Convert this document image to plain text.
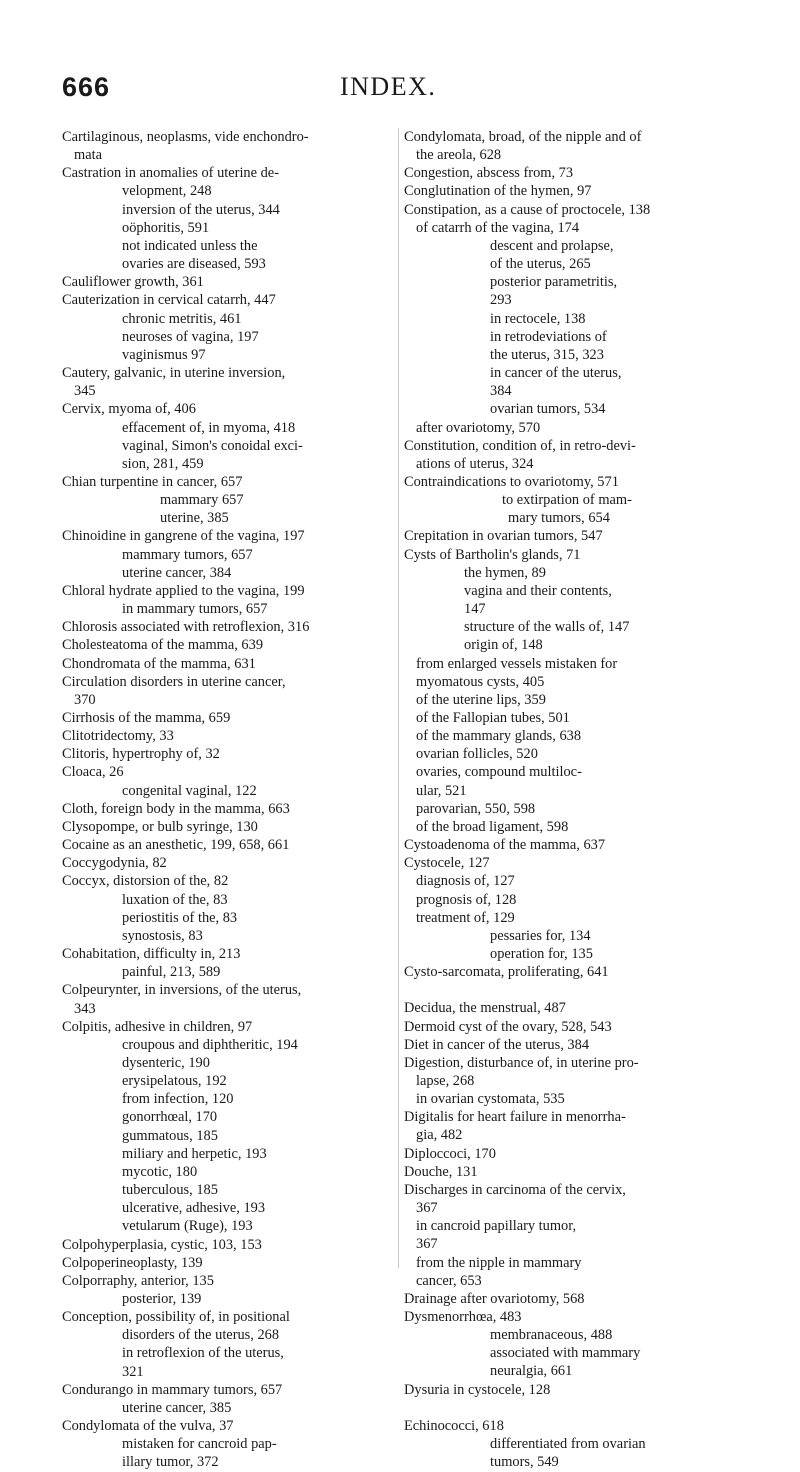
666	INDEX.
Cartilaginous, neoplasms, vide enchondro-
mata
Castration in anomalies of uterine de-
velopment, 248
inversion of the uterus, 344
oöphoritis, 591
not indicated unless the
ovaries are diseased, 593
Cauliflower growth, 361
Cauterization in cervical catarrh, 447
chronic metritis, 461
neuroses of vagina, 197
vaginismus 97
Cautery, galvanic, in uterine inversion,
345
Cervix, myoma of, 406
effacement of, in myoma, 418
vaginal, Simon's conoidal exci-
sion, 281, 459
Chian turpentine in cancer, 657
mammary 657
uterine, 385
Chinoidine in gangrene of the vagina, 197
mammary tumors, 657
uterine cancer, 384
Chloral hydrate applied to the vagina, 199
in mammary tumors, 657
Chlorosis associated with retroflexion, 316
Cholesteatoma of the mamma, 639
Chondromata of the mamma, 631
Circulation disorders in uterine cancer,
370
Cirrhosis of the mamma, 659
Clitotridectomy, 33
Clitoris, hypertrophy of, 32
Cloaca, 26
congenital vaginal, 122
Cloth, foreign body in the mamma, 663
Clysopompe, or bulb syringe, 130
Cocaine as an anesthetic, 199, 658, 661
Coccygodynia, 82
Coccyx, distorsion of the, 82
luxation of the, 83
periostitis of the, 83
synostosis, 83
Cohabitation, difficulty in, 213
painful, 213, 589
Colpeurynter, in inversions, of the uterus,
343
Colpitis, adhesive in children, 97
croupous and diphtheritic, 194
dysenteric, 190
erysipelatous, 192
from infection, 120
gonorrhœal, 170
gummatous, 185
miliary and herpetic, 193
mycotic, 180
tuberculous, 185
ulcerative, adhesive, 193
vetularum (Ruge), 193
Colpohyperplasia, cystic, 103, 153
Colpoperineoplasty, 139
Colporraphy, anterior, 135
posterior, 139
Conception, possibility of, in positional
disorders of the uterus, 268
in retroflexion of the uterus,
321
Condurango in mammary tumors, 657
uterine cancer, 385
Condylomata of the vulva, 37
mistaken for cancroid pap-
illary tumor, 372
Condylomata, broad, of the nipple and of
the areola, 628
Congestion, abscess from, 73
Conglutination of the hymen, 97
Constipation, as a cause of proctocele, 138
of catarrh of the vagina, 174
descent and prolapse,
of the uterus, 265
posterior parametritis,
293
in rectocele, 138
in retrodeviations of
the uterus, 315, 323
in cancer of the uterus,
384
ovarian tumors, 534
after ovariotomy, 570
Constitution, condition of, in retro-devi-
ations of uterus, 324
Contraindications to ovariotomy, 571
to extirpation of mam-
mary tumors, 654
Crepitation in ovarian tumors, 547
Cysts of Bartholin's glands, 71
the hymen, 89
vagina and their contents,
147
structure of the walls of, 147
origin of, 148
from enlarged vessels mistaken for
myomatous cysts, 405
of the uterine lips, 359
of the Fallopian tubes, 501
of the mammary glands, 638
ovarian follicles, 520
ovaries, compound multiloc-
ular, 521
parovarian, 550, 598
of the broad ligament, 598
Cystoadenoma of the mamma, 637
Cystocele, 127
diagnosis of, 127
prognosis of, 128
treatment of, 129
pessaries for, 134
operation for, 135
Cysto-sarcomata, proliferating, 641
Decidua, the menstrual, 487
Dermoid cyst of the ovary, 528, 543
Diet in cancer of the uterus, 384
Digestion, disturbance of, in uterine pro-
lapse, 268
in ovarian cystomata, 535
Digitalis for heart failure in menorrha-
gia, 482
Diploccoci, 170
Douche, 131
Discharges in carcinoma of the cervix,
367
in cancroid papillary tumor,
367
from the nipple in mammary
cancer, 653
Drainage after ovariotomy, 568
Dysmenorrhœa, 483
membranaceous, 488
associated with mammary
neuralgia, 661
Dysuria in cystocele, 128
Echinococci, 618
differentiated from ovarian
tumors, 549
